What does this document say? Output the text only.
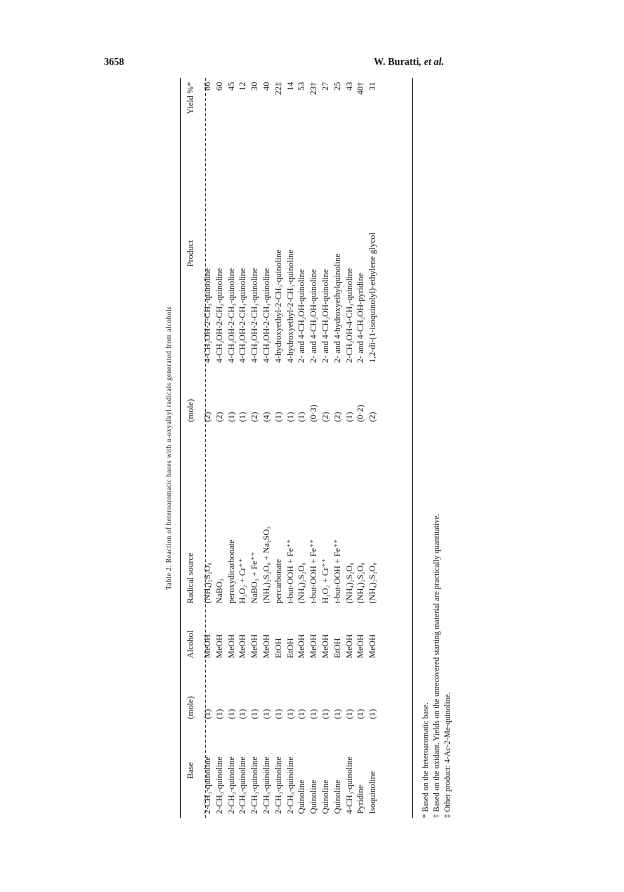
3658	W. Buratti, et al.
Table 2. Reaction of heteroaromatic bases with α-oxyalkyl radicals generated from alcohols
Base	(mole)	Alcohol	Radical source	(mole)	Product	Yield %*
2-CH₃-quinoline	(1)	MeOH	(NH₄)₂S₂O₈	(2)	4-CH₂OH-2-CH₃-quinoline	86
2-CH₃-quinoline	(1)	MeOH	NaBO₃	(2)	4-CH₂OH-2-CH₃-quinoline	60
2-CH₃-quinoline	(1)	MeOH	peroxydicarbonate	(1)	4-CH₂OH-2-CH₃-quinoline	45
2-CH₃-quinoline	(1)	MeOH	H₂O₂ + Cr⁺⁺	(1)	4-CH₂OH-2-CH₃-quinoline	12
2-CH₃-quinoline	(1)	MeOH	NaBO₃ + Fe⁺⁺	(2)	4-CH₂OH-2-CH₃-quinoline	30
2-CH₃-quinoline	(1)	MeOH	(NH₄)₂S₂O₈ + Na₂SO₃	(4)	4-CH₂OH-2-CH₃-quinoline	40
2-CH₃-quinoline	(1)	EtOH	percarbonate	(1)	4-hydroxyethyl-2-CH₃-quinoline	22‡
2-CH₃-quinoline	(1)	EtOH	t-but-OOH + Fe⁺⁺	(1)	4-hydroxyethyl-2-CH₃-quinoline	14
Quinoline	(1)	MeOH	(NH₄)₂S₂O₈	(1)	2- and 4-CH₂OH-quinoline	53
Quinoline	(1)	MeOH	t-but-OOH + Fe⁺⁺	(0·3)	2- and 4-CH₂OH-quinoline	23†
Quinoline	(1)	MeOH	H₂O₂ + Cr⁺⁺	(2)	2- and 4-CH₂OH-quinoline	27
Quinoline	(1)	EtOH	t-but-OOH + Fe⁺⁺	(2)	2- and 4-hydroxyethylquinoline	25
4-CH₃-quinoline	(1)	MeOH	(NH₄)₂S₂O₈	(1)	2-CH₂OH-4-CH₃-quinoline	43
Pyridine	(1)	MeOH	(NH₄)₂S₂O₈	(0·2)	2- and 4-CH₂OH-pyridine	40†
Isoquinoline	(1)	MeOH	(NH₄)₂S₂O₈	(2)	1,2-di-(1-isoquinolyl)-ethylene glycol	31
* Based on the heteroaromatic base. † Based on the oxidant. Yields on the unrecovered starting material are practically quantitative. ‡ Other product: 4-Ac-2-Me-quinoline.
